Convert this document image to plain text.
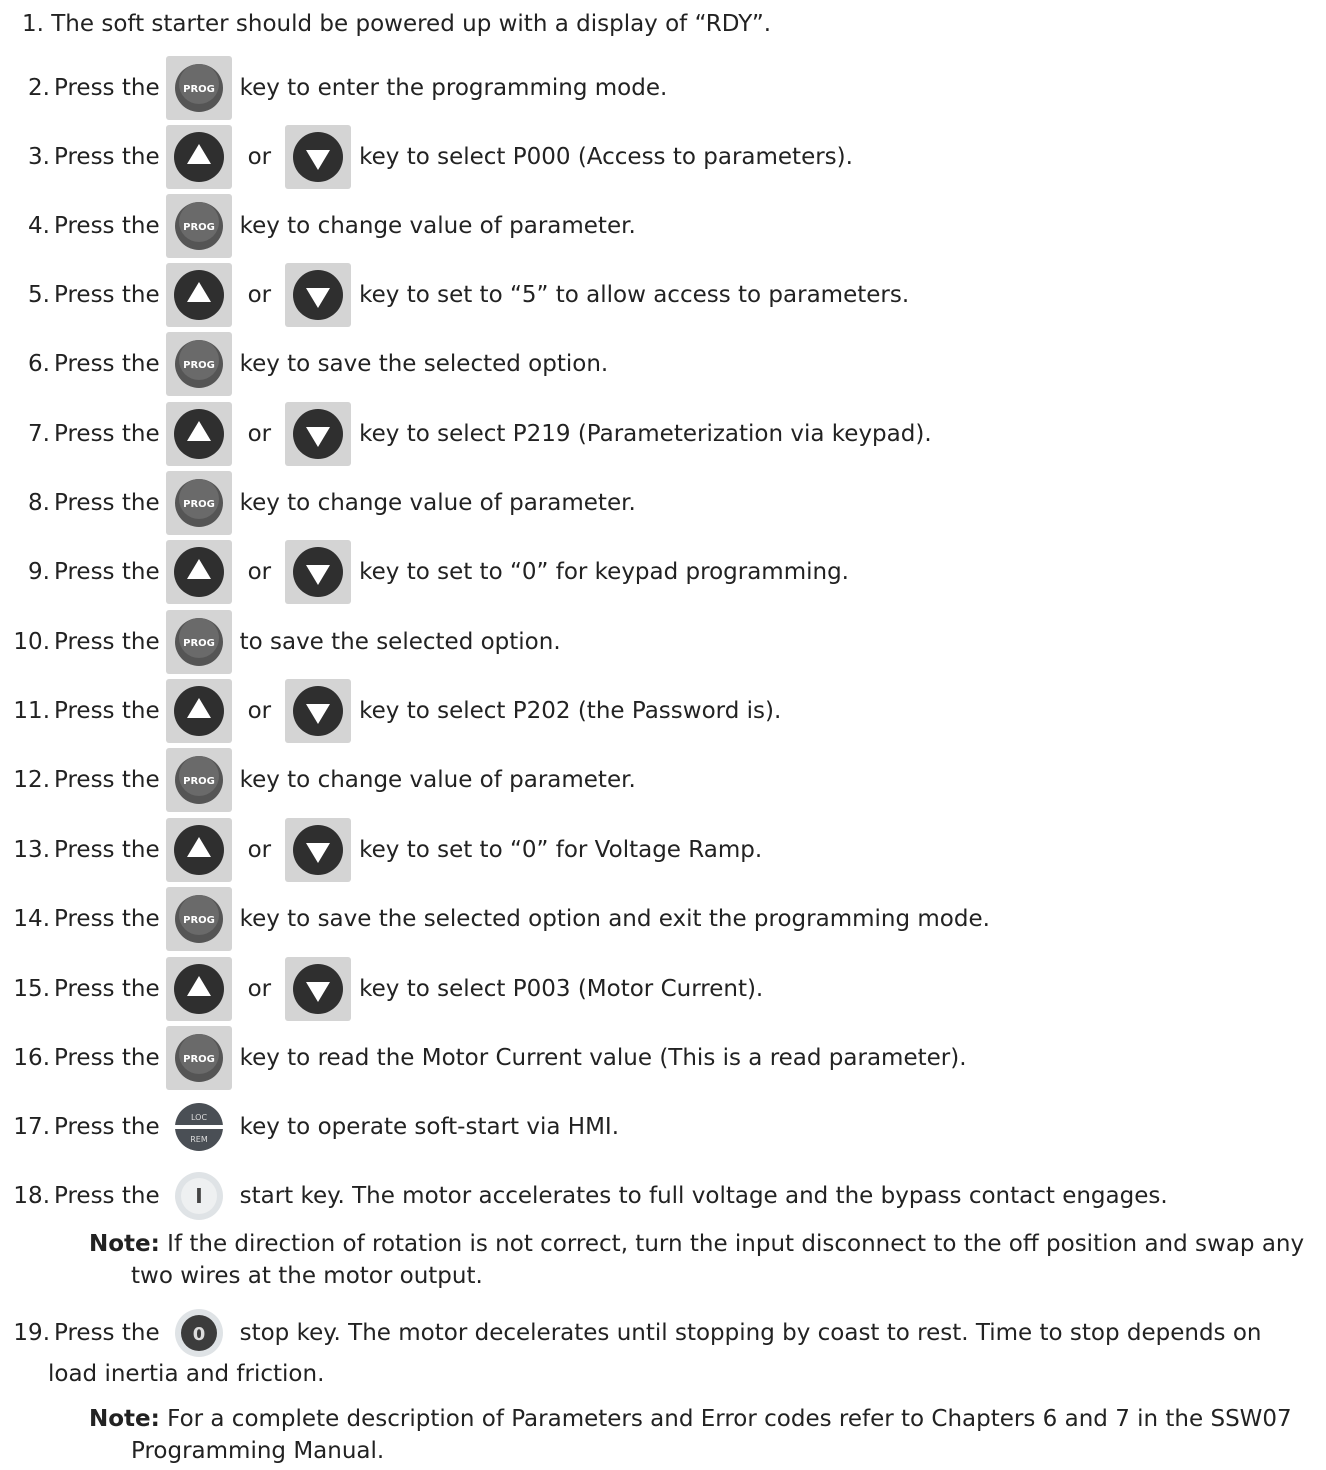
1. The soft starter should be powered up with a display of “RDY”.
2. Press the PROG key to enter the programming mode.
3. Press the	or	key to select P000 (Access to parameters).
4. Press the PROG key to change value of parameter.
5. Press the	or	key to set to “5” to allow access to parameters.
6. Press the PROG key to save the selected option.
7. Press the	or	key to select P219 (Parameterization via keypad).
8. Press the PROG key to change value of parameter.
9. Press the	or	key to set to “0” for keypad programming.
10. Press the PROG to save the selected option.
11. Press the	or	key to select P202 (the Password is).
12. Press the PROG key to change value of parameter.
13. Press the	or	key to set to “0” for Voltage Ramp.
14. Press the PROG key to save the selected option and exit the programming mode.
15. Press the	or	key to select P003 (Motor Current).
16. Press the PROG key to read the Motor Current value (This is a read parameter).
17. Press the	LOC
REM key to operate soft-start via HMI.
18. Press the I start key. The motor accelerates to full voltage and the bypass contact engages.
Note: If the direction of rotation is not correct, turn the input disconnect to the off position and swap any
two wires at the motor output.
19. Press the 0 stop key. The motor decelerates until stopping by coast to rest. Time to stop depends on
load inertia and friction.
Note: For a complete description of Parameters and Error codes refer to Chapters 6 and 7 in the SSW07
Programming Manual.
